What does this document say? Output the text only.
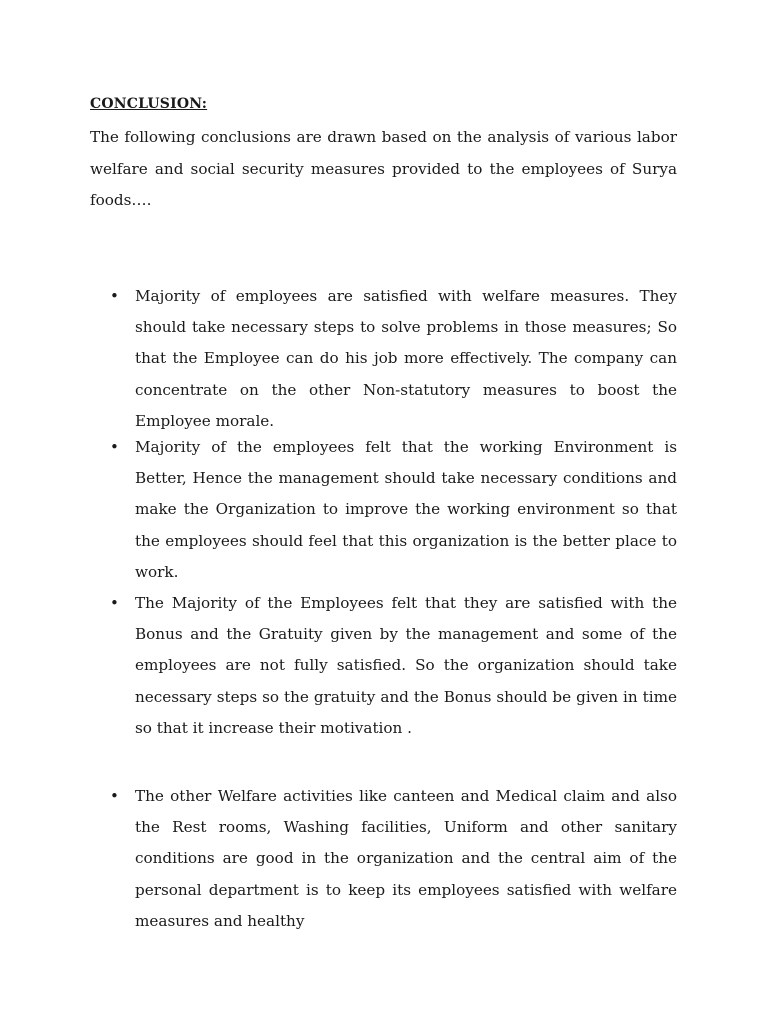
CONCLUSION:
The following conclusions are drawn based on the analysis of various labor welfare and social security measures provided to the employees of Surya foods….
• Majority of employees are satisfied with welfare measures. They should take necessary steps to solve problems in those measures; So that the Employee can do his job more effectively. The company can concentrate on the other Non-statutory measures to boost the Employee morale.
• Majority of the employees felt that the working Environment is Better, Hence the management should take necessary conditions and make the Organization to improve the working environment so that the employees should feel that this organization is the better place to work.
• The Majority of the Employees felt that they are satisfied with the Bonus and the Gratuity given by the management and some of the employees are not fully satisfied. So the organization should take necessary steps so the gratuity and the Bonus should be given in time so that it increase their motivation .
• The other Welfare activities like canteen and Medical claim and also the Rest rooms, Washing facilities, Uniform and other sanitary conditions are good in the organization and the central aim of the personal department is to keep its employees satisfied with welfare measures and healthy
